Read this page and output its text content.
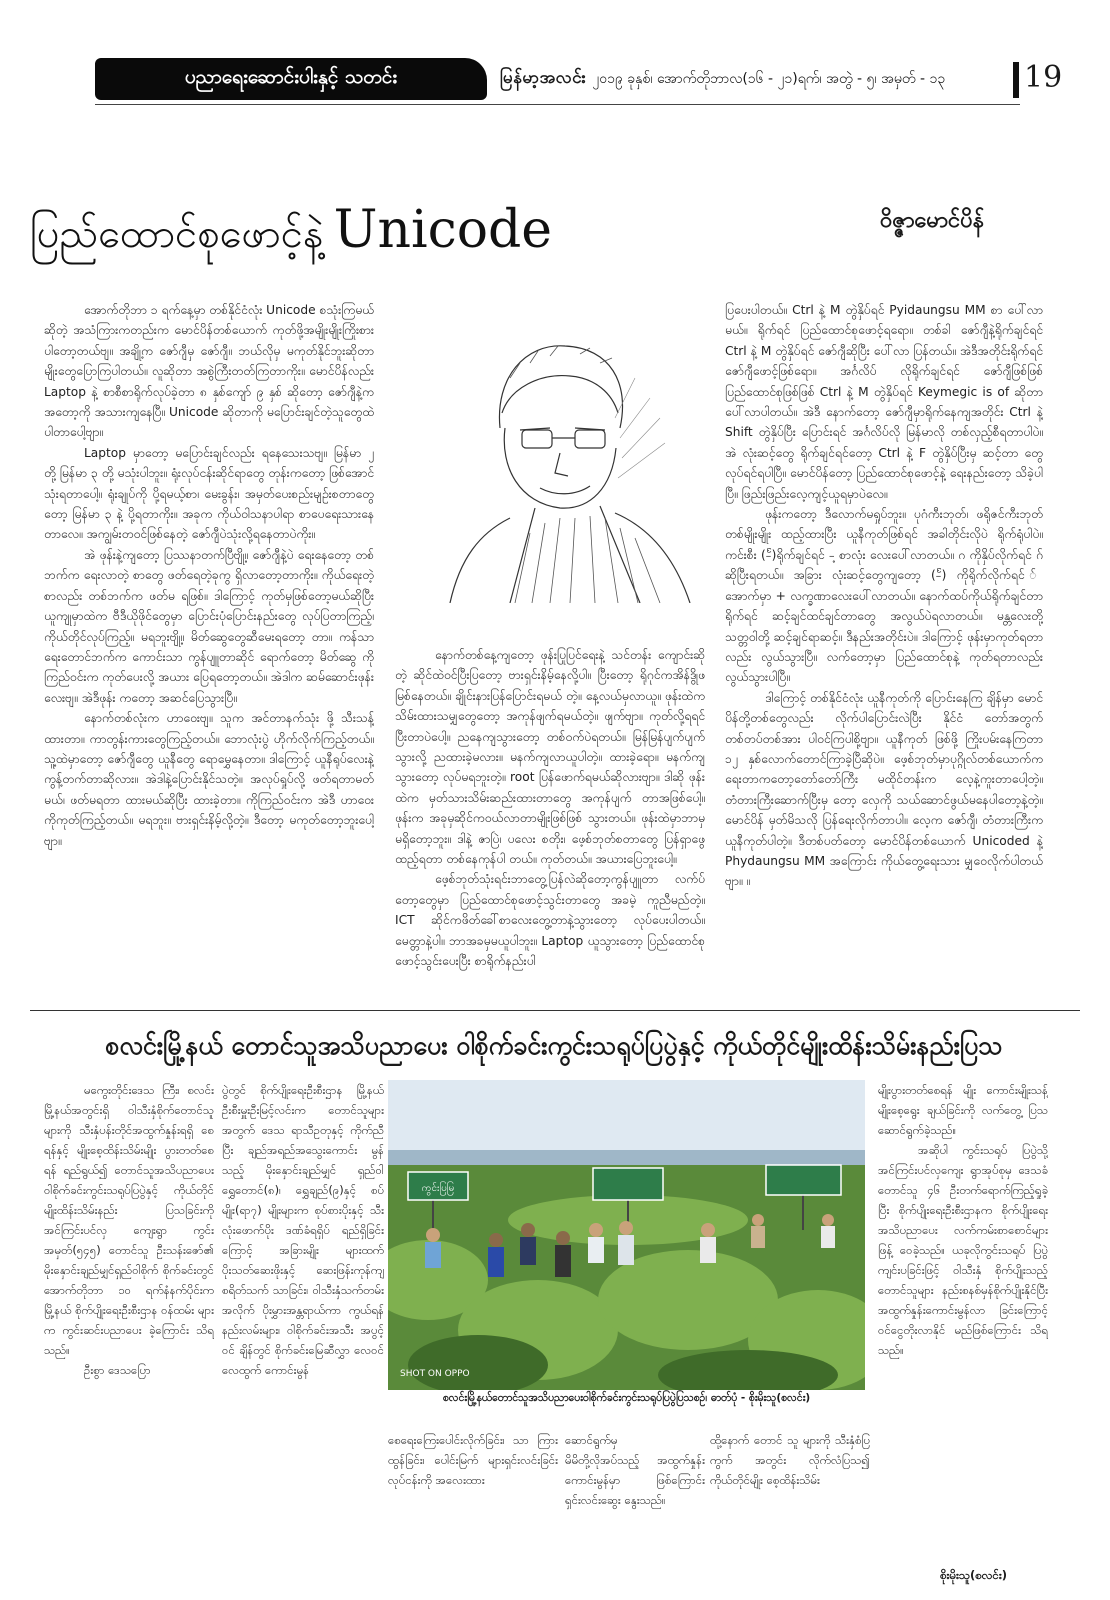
ပညာရေးဆောင်းပါးနှင့် သတင်း	မြန်မာ့အလင်း ၂၀၁၉ ခုနှစ်၊ အောက်တိုဘာလ(၁၆ - ၂၁)ရက်၊ အတွဲ - ၅၊ အမှတ် - ၁၃	19
ပြည်ထောင်စုဖောင့်နဲ့ Unicode	ဝိဇ္ဇာမောင်ပိန်

အောက်တိုဘာ ၁ ရက်နေ့မှာ တစ်နိုင်ငံလုံး Unicode စသုံးကြမယ်ဆိုတဲ့ အသံကြားကတည်းက မောင်ပိန်တစ်ယောက် ကုတ်ဖို့အမျိုးမျိုးကြိုးစားပါတော့တယ်ဗျ။ အချို့က ဇော်ဂျီမှ ဇော်ဂျီ။ ဘယ်လိုမှ မကုတ်နိုင်ဘူးဆိုတာမျိုးတွေပြောကြပါတယ်။ လူဆိုတာ အစွဲကြီးတတ်ကြတာကိုး။ မောင်ပိန်လည်း Laptop နဲ့ စာစီစာရိုက်လုပ်ခဲ့တာ ၈ နှစ်ကျော် ၉ နှစ် ဆိုတော့ ဇော်ဂျီနဲ့က အတော့ကို အသားကျနေပြီ။ Unicode ဆိုတာကို မပြောင်းချင်တဲ့သူတွေထဲပါတာပေါ့ဗျာ။

Laptop မှာတော့ မပြောင်းချင်လည်း ရနေသေးသဗျ။ မြန်မာ ၂ တို့ မြန်မာ ၃ တို့ မသုံးပါဘူး။ ရုံးလုပ်ငန်းဆိုင်ရာတွေ တုန်းကတော့ ဖြစ်အောင်သုံးရတာပေါ့။ ရုံးချုပ်ကို ပို့ရမယ့်စာ၊ မေးခွန်း၊ အမှတ်ပေးစည်းမျဉ်းစတာတွေတော့ မြန်မာ ၃ နဲ့ ပို့ရတာကိုး။ အခုက ကိုယ်ဝါသနာပါရာ စာပေရေးသားနေတာလေ။ အကျွမ်းတဝင်ဖြစ်နေတဲ့ ဇော်ဂျီပဲသုံးလို့ရနေတာပဲကိုး။

အဲ ဖုန်းနဲ့ကျတော့ ပြဿနာတက်ပြီဗျို့။ ဇော်ဂျီနဲ့ပဲ ရေးနေတော့ တစ်ဘက်က ရေးလာတဲ့ စာတွေ ဖတ်ရေတဲ့ခုကွ ရှိလာတော့တာကိုး။ ကိုယ်ရေးတဲ့စာလည်း တစ်ဘက်က ဖတ်မ ရဖြစ်။ ဒါကြောင့် ကုတ်မှဖြစ်တော့မယ်ဆိုပြီး ယူကျုမှာထဲက ဗီဒီယိုဖိုင်တွေမှာ ပြောင်းပုံပြောင်းနည်းတွေ လုပ်ပြတာကြည့်၊ ကိုယ်တိုင်လုပ်ကြည့်။ မရဘူးဗျို့။ မိတ်ဆွေတွေဆီမေးရတော့ တာ။ ကန်သာရေးတောင်ဘက်က ကောင်းသာ ကွန်ပျူတာဆိုင် ရောက်တော့ မိတ်ဆွေ ကိုကြည်ဝင်းက ကုတ်ပေးလို့ အယား ပြေရတော့တယ်။ အဲဒါက ဆမ်ဆောင်းဖုန်းလေးဗျ။ အဲဒီဖုန်း ကတော့ အဆင်ပြေသွားပြီ။

နောက်တစ်လုံးက ဟာဝေးဗျ။ သူက အင်တာနက်သုံး ဖို့ သီးသန့်ထားတာ။ ကာတွန်းကားတွေကြည့်တယ်။ ဘောလုံးပွဲ ဟိုက်လိုက်ကြည့်တယ်။ သူ့ထဲမှာတော့ ဇော်ဂျီတွေ ယူနီတွေ ရောမွှေနေတာ။ ဒါကြောင့် ယူနီရုပ်လေးနဲ့ကွန့်တက်တာဆိုလား။ အဲဒါနဲ့ပြောင်းနိုင်သတဲ့။ အလုပ်ရှုပ်လို့ ဖတ်ရတာမတ်မယ်၊ ဖတ်မရတာ ထားမယ်ဆိုပြီး ထားခဲ့တာ။ ကိုကြည်ဝင်းက အဲဒီ ဟာဝေးကိုကုတ်ကြည့်တယ်။ မရဘူး။ ဗားရှင်းနိမ့်လို့တဲ့။ ဒီတော့ မကုတ်တော့ဘူးပေါ့ဗျာ။

နောက်တစ်နေ့ကျတော့ ဖုန်းပြုပြင်ရေးနဲ့ သင်တန်း ကျောင်းဆိုတဲ့ ဆိုင်ထဲဝင်ပြီးပြတော့ ဗားရှင်းနိမ့်နေလို့ပါ။ ပြီးတော့ ရိုဂုင်ကအိန်ဒွိုဖမြစ်နေတယ်။ ချိုင်းနားပြန်ပြောင်းရမယ် တဲ့။ နေ့လယ်မှလာယူ။ ဖုန်းထဲက သိမ်းထားသမျှတွေတော့ အကုန်ဖျက်ရမယ်တဲ့။ ဖျက်ဗျာ။ ကုတ်လို့ရရင်ပြီးတာပဲပေါ့။ ညနေကျသွားတော့ တစ်ဝက်ပဲရတယ်။ မြန်မြန်ပျက်ပျက်သွားလို့ ညထားခဲ့မလား။ မနက်ကျလာယူပါတဲ့။ ထားခဲ့ရော။ မနက်ကျ သွားတော့ လုပ်မရဘူးတဲ့။ root ပြန်ဖောက်ရမယ်ဆိုလားဗျာ။ ဒါဆို ဖုန်းထဲက မှတ်သားသိမ်းဆည်းထားတာတွေ အကုန်ပျက် တာအဖြစ်ပေါ့။ ဖုန်းက အခုမှဆိုင်ကဝယ်လာတာမျိုးဖြစ်ဖြစ် သွားတယ်။ ဖုန်းထဲမှာဘာမှ မရှိတော့ဘူး။ ဒါနဲ့ ဇာပြဲ၊ ပလေး စတိုး၊ ဖေ့စ်ဘုတ်စတာတွေ ပြန်ရှာဖွေထည့်ရတာ တစ်နေကုန်ပါ တယ်။ ကုတ်တယ်။ အယားပြေဘူးပေါ့။

ဖေ့စ်ဘုတ်သုံးရင်းဘာတွေ့ပြန်လဲဆိုတော့ကွန်ပျူတာ လက်ပ်တော့တွေမှာ ပြည်ထောင်စုဖောင့်သွင်းတာတွေ အခမဲ့ ကူညီမည်တဲ့။ ICT ဆိုင်ကဖိတ်ခေါ်စာလေးတွေ့တာနဲ့သွားတော့ လုပ်ပေးပါတယ်။ မေတ္တာနဲ့ပါ။ ဘာအခမှမယူပါဘူး။ Laptop ယူသွားတော့ ပြည်ထောင်စုဖောင့်သွင်းပေးပြီး စာရိုက်နည်းပါ

ပြပေးပါတယ်။ Ctrl နဲ့ M တွဲနှိပ်ရင် Pyidaungsu MM စာ ပေါ်လာမယ်။ ရိုက်ရင် ပြည်ထောင်စုဖောင့်ရရော။ တစ်ခါ ဇော်ဂျီနဲ့ရိုက်ချင်ရင် Ctrl နဲ့ M တွဲနှိပ်ရင် ဇော်ဂျီဆိုပြီး ပေါ်လာ ပြန်တယ်။ အဲဒီအတိုင်းရိုက်ရင် ဇော်ဂျီဖောင့်ဖြစ်ရော။ အင်္ဂလိပ် လိုရိုက်ချင်ရင် ဇော်ဂျီဖြစ်ဖြစ် ပြည်ထောင်စုဖြစ်ဖြစ် Ctrl နဲ့ M တွဲနှိပ်ရင် Keymegic is of ဆိုတာ ပေါ်လာပါတယ်။ အဲဒီ နောက်တော့ ဇော်ဂျီမှာရိုက်နေကျအတိုင်း Ctrl နဲ့ Shift တွဲနှိပ်ပြီး ပြောင်းရင် အင်္ဂလိပ်လို မြန်မာလို တစ်လှည့်စီရတာပါပဲ။ အဲ လုံးဆင့်တွေ ရိုက်ချင်ရင်တော့ Ctrl နဲ့ F တွဲနှိပ်ပြီးမှ ဆင့်တာ တွေ လုပ်ရင်ရပါပြီ။ မောင်ပိန်တော့ ပြည်ထောင်စုဖောင့်နဲ့ ရေးနည်းတော့ သိခဲ့ပါပြီ။ ဖြည်းဖြည်းလေ့ကျင့်ယူရမှာပဲလေ။

ဖုန်းကတော့ ဒီလောက်မရှုပ်ဘူး။ ပုဂံကီးဘုတ်၊ ဖရိုဇင်ကီးဘုတ် တစ်မျိုးမျိုး ထည့်ထားပြီး ယူနီကုတ်ဖြစ်ရင် အခါတိုင်းလိုပဲ ရိုက်ရုံပါပဲ။ ကင်းစီး (-ႅ)ရိုက်ချင်ရင် -့ စာလုံး လေးပေါ်လာတယ်။ ဂ ကိုနှိပ်လိုက်ရင် ဂ် ဆိုပြီးရတယ်။ အခြား လုံးဆင့်တွေကျတော့ (-ႅ) ကိုရိုက်လိုက်ရင် ် အောက်မှာ + လက္ခဏာလေးပေါ်လာတယ်။ နောက်ထပ်ကိုယ်ရိုက်ချင်တာ ရိုက်ရင် ဆင့်ချင်ထင်ချင်တာတွေ အလွယ်ပဲရလာတယ်။ မန္တလေးတို့ သတ္တဝါတို့ ဆင့်ချင်ရာဆင့်။ ဒီနည်းအတိုင်းပဲ။ ဒါကြောင့် ဖုန်းမှာကုတ်ရတာလည်း လွယ်သွားပြီ။ လက်တော့မှာ ပြည်ထောင်စုနဲ့ ကုတ်ရတာလည်း လွယ်သွားပါပြီ။

ဒါကြောင့် တစ်နိုင်ငံလုံး ယူနီကုတ်ကို ပြောင်းနေကြ ချိန်မှာ မောင်ပိန်တို့တစ်တွေလည်း လိုက်ပါပြောင်းလဲပြီး နိုင်ငံ တော်အတွက် တစ်တပ်တစ်အား ပါဝင်ကြပါစို့ဗျာ။ ယူနီကုတ် ဖြစ်ဖို့ ကြိုးပမ်းနေကြတာ ၁၂ နှစ်လောက်တောင်ကြာခဲ့ပြီဆိုပဲ။ ဖေ့စ်ဘုတ်မှာပုဂ္ဂိုလ်တစ်ယောက်က ရေးတာကတော့တော်တော်ကြီး မထိုင်တန်းက လေ့နဲ့ကူးတာပေါ့တဲ့။ တံတားကြီးဆောက်ပြီးမှ တော့ လှေကို သယ်ဆောင်ဖွယ်မနေပါတော့နဲ့တဲ့။ မောင်ပိန် မှတ်မိသလို ပြန်ရေးလိုက်တာပါ။ လေ့က ဇော်ဂျီ၊ တံတားကြီးက ယူနီကုတ်ပါတဲ့။ ဒီတစ်ပတ်တော့ မောင်ပိန်တစ်ယောက် Unicoded နဲ့ Phydaungsu MM အကြောင်း ကိုယ်တွေ့ရေးသား မျှဝေလိုက်ပါတယ်ဗျာ။ ။

စလင်းမြို့နယ် တောင်သူအသိပညာပေး ဝါစိုက်ခင်းကွင်းသရုပ်ပြပွဲနှင့် ကိုယ်တိုင်မျိုးထိန်းသိမ်းနည်းပြသ

မကွေးတိုင်းဒေသ ကြီး၊ စလင်းမြို့နယ်အတွင်းရှိ ဝါသီးနှံစိုက်တောင်သူများကို သီးနှံပန်းတိုင်အထွက်နှုန်းရရှိ စေရန်နှင့် မျိုးစေ့ထိန်းသိမ်းမျိုး ပွားတတ်စေရန် ရည်ရွယ်၍ တောင်သူအသိပညာပေး ဝါစိုက်ခင်းကွင်းသရုပ်ပြပွဲနှင့် ကိုယ်တိုင်မျိုးထိန်းသိမ်းနည်း ပြသခြင်းကို အင်ကြင်းပင်လှ ကျေးရွာ ကွင်းအမှတ်(၅၄၅) တောင်သူ ဦးသန်းဇော်၏ မိုးနှောင်းချည်မျှင်ရှည်ဝါစိုက် စိုက်ခင်းတွင် အောက်တိုဘာ ၁၀ ရက်နံနက်ပိုင်းက မြို့နယ် စိုက်ပျိုးရေးဦးစီးဌာန ဝန်ထမ်း များက ကွင်းဆင်းပညာပေး ခဲ့ကြောင်း သိရသည်။

ဦးစွာ ဒေသပြော

ပွဲတွင် စိုက်ပျိုးရေးဦးစီးဌာန မြို့နယ် ဦးစီးမှူးဦးမြင့်လင်းက တောင်သူများအတွက် ဒေသ ရာသီဥတုနှင့် ကိုက်ညီပြီး ချည်အရည်အသွေးကောင်း မွန်သည့် မိုးနှောင်းချည်မျှင် ရှည်ဝါ ရွှေတောင်(၈)၊ ရွှေချည်(၉)နှင့် စပ်မျိုး(ရာ၇) မျိုးများက စုပ်စားပိုးနှင့် သီးလုံးဖောက်ပိုး ဒဏ်ခံရရှိပ် ရည်ရှိခြင်းကြောင့် အခြားမျိုး များထက် ပိုးသတ်ဆေးဖိုးနှင့် ဆေးဖြန်းကုန်ကျ စရိတ်သက် သာခြင်း၊ ဝါသီးနှံသက်တမ်း အလိုက် ပိုးမွှားအန္တရာယ်ကာ ကွယ်ရန် နည်းလမ်းများ၊ ဝါစိုက်ခင်းအသီး အပွင့်ဝင် ချိန်တွင် စိုက်ခင်းမြေဆီလွှာ လေဝင်လေထွက် ကောင်းမွန်

ကွင်းပြမြ
SHOT ON OPPO
စလင်းမြို့နယ်တောင်သူအသိပညာပေးဝါစိုက်ခင်းကွင်းသရုပ်ပြပွဲပြသစဉ်၊ ဓာတ်ပုံ - စိုးမိုးသူ(စလင်း)

စေရေးကြေးပေါင်းလိုက်ခြင်း၊ သာ ကြားထွန်ခြင်း၊ ပေါင်းမြက် များရှင်းလင်းခြင်းလုပ်ငန်းကို အလေးထား

ဆောင်ရွက်မှ

မိမိတို့လိုအပ်သည့် အထွက်နှုန်းကောင်းမွန်မှာ ဖြစ်ကြောင်း ရှင်းလင်းဆွေး နွေးသည်။

ထို့နောက် တောင် သူ များကို သီးနှံစံပြကွက် အတွင်း လိုက်လံပြသ၍ ကိုယ်တိုင်မျိုး စေ့ထိန်းသိမ်း

မျိုးပွားတတ်စေရန် မျိုး ကောင်းမျိုးသန့် မျိုးစေ့ရွေး ချယ်ခြင်းကို လက်တွေ့ ပြသ ဆောင်ရွက်ခဲ့သည်။

အဆိုပါ ကွင်းသရုပ် ပြပွဲသို့ အင်ကြင်းပင်လှကျေး ရွာအုပ်စုမှ ဒေသခံတောင်သူ ၄၆ ဦးတက်ရောက်ကြည့်ရှုခဲ့ ပြီး စိုက်ပျိုးရေးဦးစီးဌာနက စိုက်ပျိုးရေး အသိပညာပေး လက်ကမ်းစာစောင်များဖြန့် ဝေခဲ့သည်။ ယခုလိုကွင်းသရုပ် ပြပွဲကျင်းပခြင်းဖြင့် ဝါသီးနှံ စိုက်ပျိုးသည့် တောင်သူများ နည်းစနစ်မှန်စိုက်ပျိုးနိုင်ပြီး အထွက်နှုန်းကောင်းမွန်လာ ခြင်းကြောင့် ဝင်ငွေတိုးလာနိုင် မည်ဖြစ်ကြောင်း သိရသည်။

စိုးမိုးသူ(စလင်း)
